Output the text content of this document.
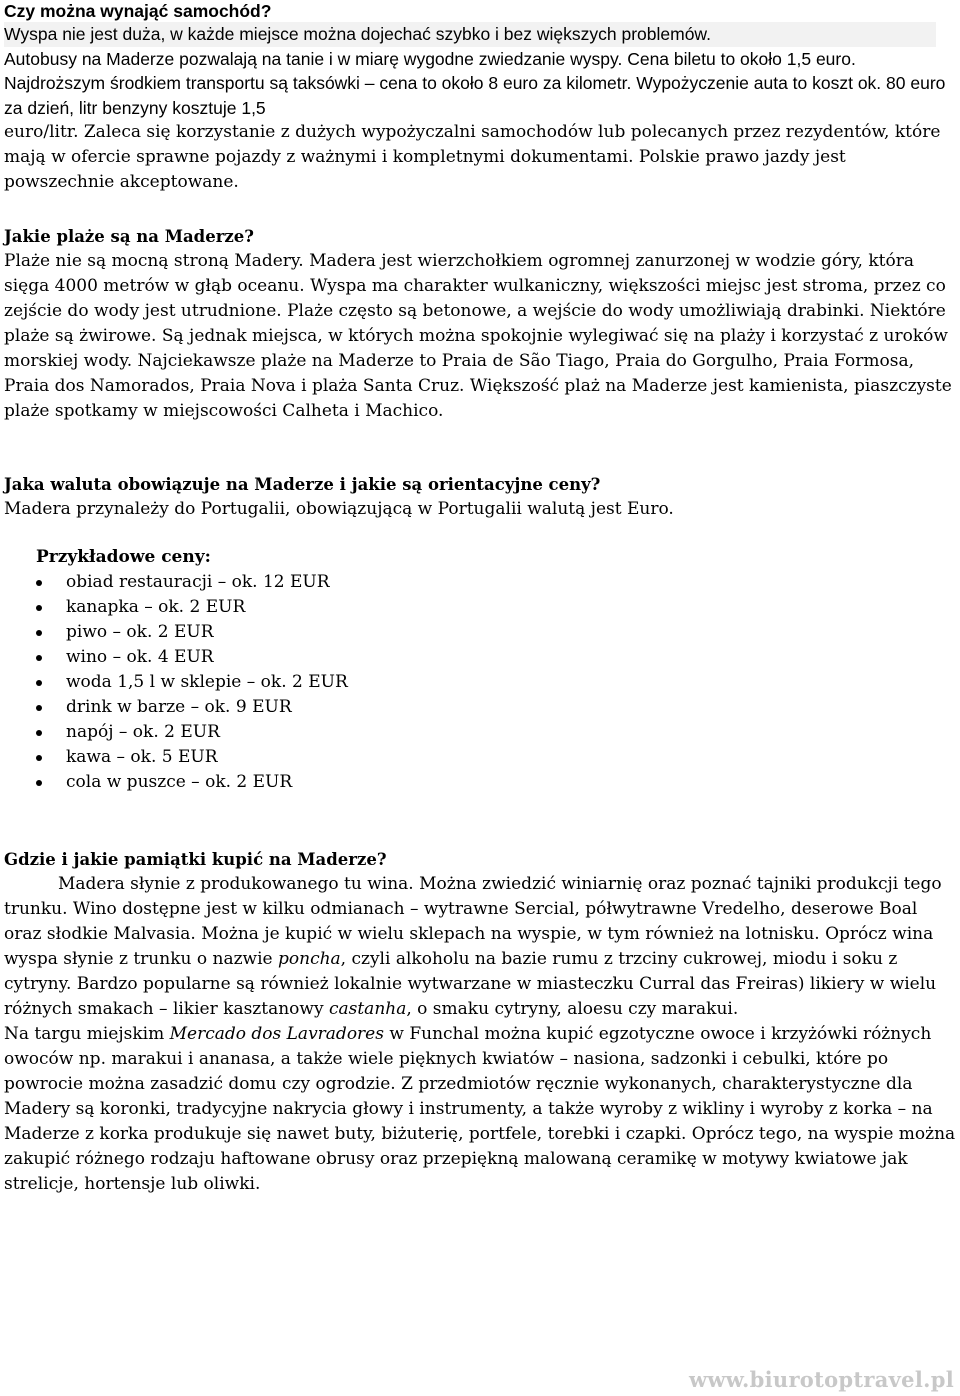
Czy można wynająć samochód?

Wyspa nie jest duża, w każde miejsce można dojechać szybko i bez większych problemów.

Autobusy na Maderze pozwalają na tanie i w miarę wygodne zwiedzanie wyspy. Cena biletu to około 1,5 euro. Najdroższym środkiem transportu są taksówki – cena to około 8 euro za kilometr. Wypożyczenie auta to koszt ok. 80 euro za dzień, litr benzyny kosztuje 1,5

euro/litr. Zaleca się korzystanie z dużych wypożyczalni samochodów lub polecanych przez rezydentów, które mają w ofercie sprawne pojazdy z ważnymi i kompletnymi dokumentami. Polskie prawo jazdy jest powszechnie akceptowane.

Jakie plaże są na Maderze?

Plaże nie są mocną stroną Madery. Madera jest wierzchołkiem ogromnej zanurzonej w wodzie góry, która sięga 4000 metrów w głąb oceanu. Wyspa ma charakter wulkaniczny, większości miejsc jest stroma, przez co zejście do wody jest utrudnione. Plaże często są betonowe, a wejście do wody umożliwiają drabinki. Niektóre plaże są żwirowe. Są jednak miejsca, w których można spokojnie wylegiwać się na plaży i korzystać z uroków morskiej wody. Najciekawsze plaże na Maderze to Praia de São Tiago, Praia do Gorgulho, Praia Formosa, Praia dos Namorados, Praia Nova i plaża Santa Cruz. Większość plaż na Maderze jest kamienista, piaszczyste plaże spotkamy w miejscowości Calheta i Machico.

Jaka waluta obowiązuje na Maderze i jakie są orientacyjne ceny?

Madera przynależy do Portugalii, obowiązującą w Portugalii walutą jest Euro.

Przykładowe ceny:
obiad restauracji – ok. 12 EUR
kanapka – ok. 2 EUR
piwo – ok. 2 EUR
wino – ok. 4 EUR
woda 1,5 l w sklepie – ok. 2 EUR
drink w barze – ok. 9 EUR
napój – ok. 2 EUR
kawa – ok. 5 EUR
cola w puszce – ok. 2 EUR
Gdzie i jakie pamiątki kupić na Maderze?

Madera słynie z produkowanego tu wina. Można zwiedzić winiarnię oraz poznać tajniki produkcji tego trunku. Wino dostępne jest w kilku odmianach – wytrawne Sercial, półwytrawne Vredelho, deserowe Boal oraz słodkie Malvasia. Można je kupić w wielu sklepach na wyspie, w tym również na lotnisku. Oprócz wina wyspa słynie z trunku o nazwie poncha, czyli alkoholu na bazie rumu z trzciny cukrowej, miodu i soku z cytryny. Bardzo popularne są również lokalnie wytwarzane w miasteczku Curral das Freiras) likiery w wielu różnych smakach – likier kasztanowy castanha, o smaku cytryny, aloesu czy marakui.

Na targu miejskim Mercado dos Lavradores w Funchal można kupić egzotyczne owoce i krzyżówki różnych owoców np. marakui i ananasa, a także wiele pięknych kwiatów – nasiona, sadzonki i cebulki, które po powrocie można zasadzić domu czy ogrodzie. Z przedmiotów ręcznie wykonanych, charakterystyczne dla Madery są koronki, tradycyjne nakrycia głowy i instrumenty, a także wyroby z wikliny i wyroby z korka – na Maderze z korka produkuje się nawet buty, biżuterię, portfele, torebki i czapki. Oprócz tego, na wyspie można zakupić różnego rodzaju haftowane obrusy oraz przepiękną malowaną ceramikę w motywy kwiatowe jak strelicje, hortensje lub oliwki.

www.biurotoptravel.pl
